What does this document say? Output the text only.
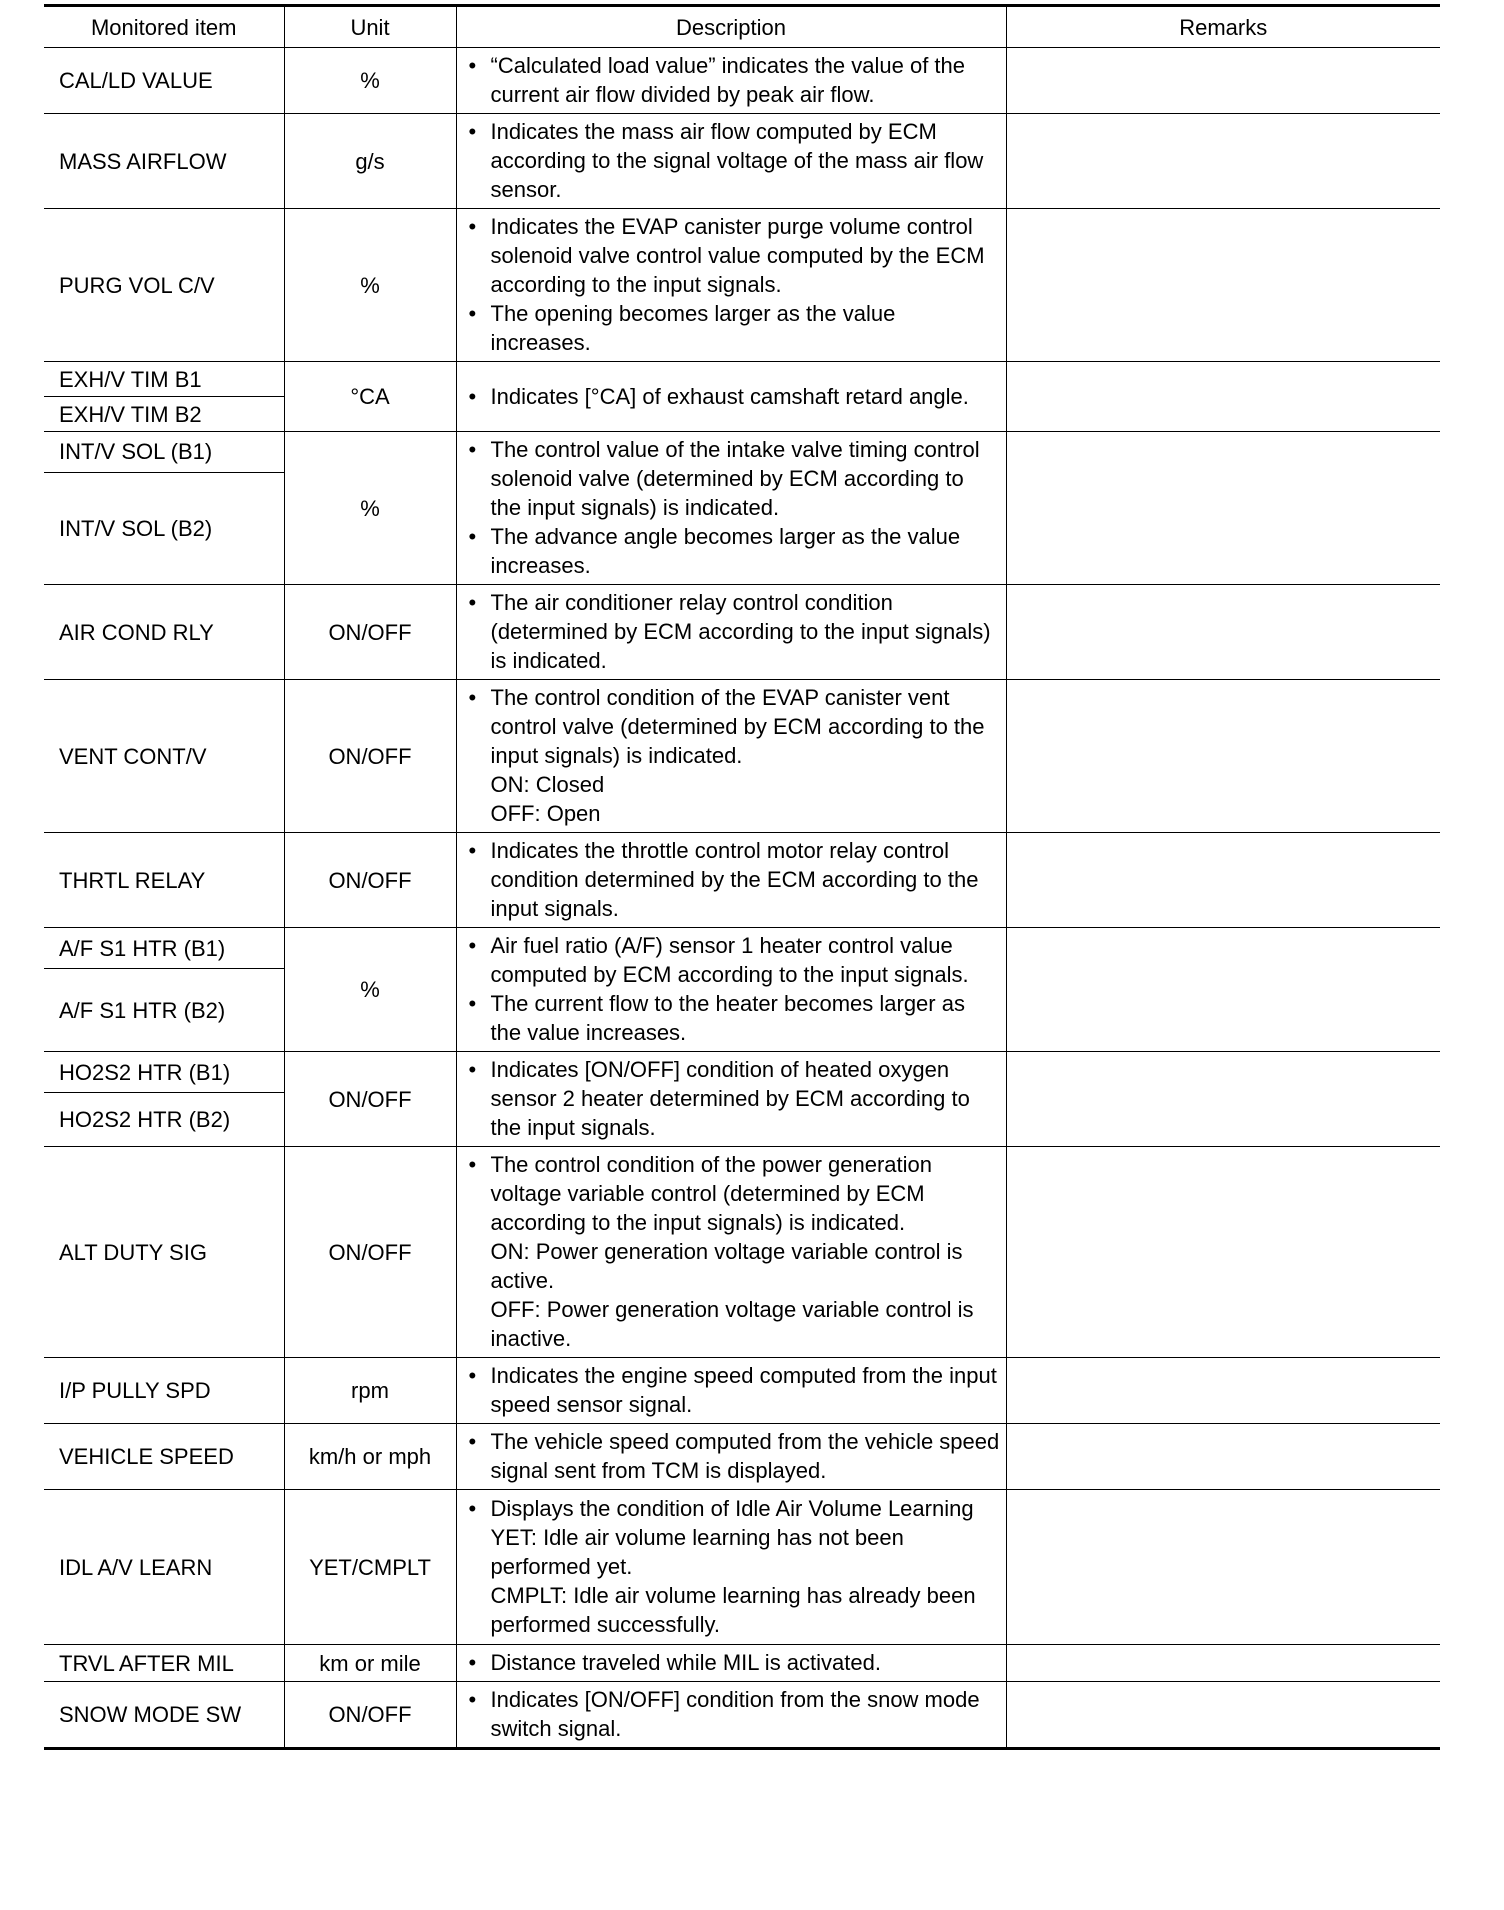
Monitored item	Unit	Description	Remarks
CAL/LD VALUE	%	• “Calculated load value” indicates the value of the current air flow divided by peak air flow.	

MASS AIRFLOW	g/s	• Indicates the mass air flow computed by ECM according to the signal voltage of the mass air flow sensor.	

PURG VOL C/V	%	• Indicates the EVAP canister purge volume control solenoid valve control value computed by the ECM according to the input signals.
• The opening becomes larger as the value increases.	

EXH/V TIM B1	°CA	• Indicates [°CA] of exhaust camshaft retard angle.	

EXH/V TIM B2			
INT/V SOL (B1)	%	• The control value of the intake valve timing control solenoid valve (determined by ECM according to the input signals) is indicated.
• The advance angle becomes larger as the value increases.	

INT/V SOL (B2)			
AIR COND RLY	ON/OFF	• The air conditioner relay control condition (determined by ECM according to the input signals) is indicated.	

VENT CONT/V	ON/OFF	• The control condition of the EVAP canister vent control valve (determined by ECM according to the input signals) is indicated.
ON: Closed
OFF: Open	

THRTL RELAY	ON/OFF	• Indicates the throttle control motor relay control condition determined by the ECM according to the input signals.	

A/F S1 HTR (B1)	%	• Air fuel ratio (A/F) sensor 1 heater control value computed by ECM according to the input signals.
• The current flow to the heater becomes larger as the value increases.	

A/F S1 HTR (B2)			
HO2S2 HTR (B1)	ON/OFF	• Indicates [ON/OFF] condition of heated oxygen sensor 2 heater determined by ECM according to the input signals.	

HO2S2 HTR (B2)			
ALT DUTY SIG	ON/OFF	• The control condition of the power generation voltage variable control (determined by ECM according to the input signals) is indicated.
ON: Power generation voltage variable control is active.
OFF: Power generation voltage variable control is inactive.	

I/P PULLY SPD	rpm	• Indicates the engine speed computed from the input speed sensor signal.	

VEHICLE SPEED	km/h or mph	• The vehicle speed computed from the vehicle speed signal sent from TCM is displayed.	

IDL A/V LEARN	YET/CMPLT	• Displays the condition of Idle Air Volume Learning
YET: Idle air volume learning has not been performed yet.
CMPLT: Idle air volume learning has already been performed successfully.	

TRVL AFTER MIL	km or mile	• Distance traveled while MIL is activated.	

SNOW MODE SW	ON/OFF	• Indicates [ON/OFF] condition from the snow mode switch signal.	
